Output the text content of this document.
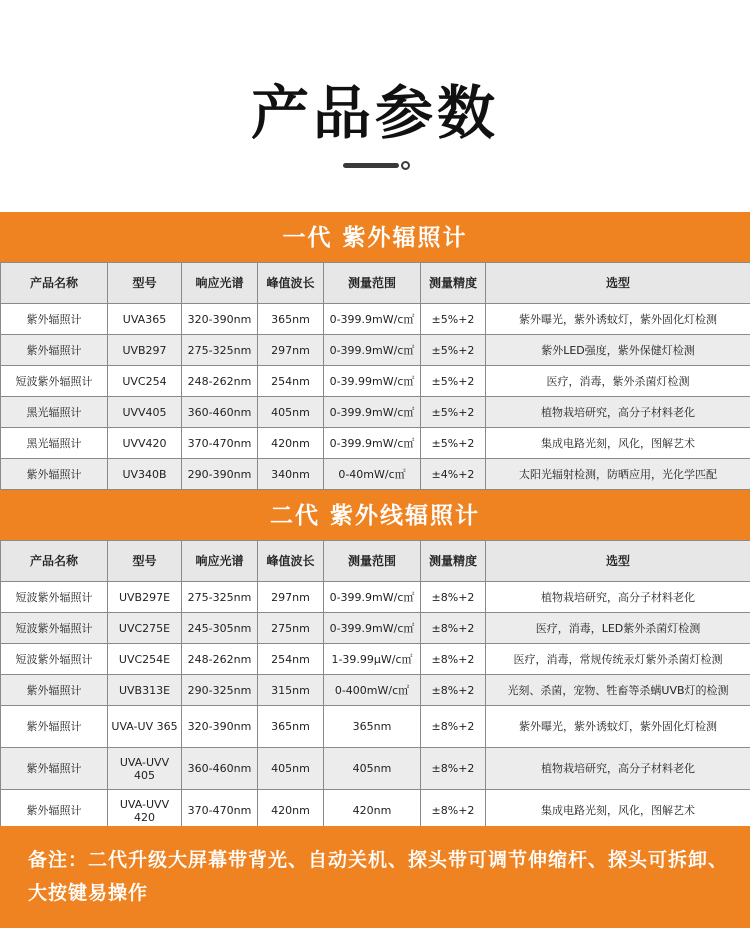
产品参数
一代 紫外辐照计
产品名称	型号	响应光谱	峰值波长	测量范围	测量精度	选型
紫外辐照计	UVA365	320-390nm	365nm	0-399.9mW/c㎡	±5%+2	紫外曝光，紫外诱蚊灯，紫外固化灯检测
紫外辐照计	UVB297	275-325nm	297nm	0-399.9mW/c㎡	±5%+2	紫外LED强度，紫外保健灯检测
短波紫外辐照计	UVC254	248-262nm	254nm	0-39.99mW/c㎡	±5%+2	医疗，消毒，紫外杀菌灯检测
黑光辐照计	UVV405	360-460nm	405nm	0-399.9mW/c㎡	±5%+2	植物栽培研究，高分子材料老化
黑光辐照计	UVV420	370-470nm	420nm	0-399.9mW/c㎡	±5%+2	集成电路光刻，风化，图解艺术
紫外辐照计	UV340B	290-390nm	340nm	0-40mW/c㎡	±4%+2	太阳光辐射检测，防晒应用，光化学匹配
二代 紫外线辐照计
产品名称	型号	响应光谱	峰值波长	测量范围	测量精度	选型
短波紫外辐照计	UVB297E	275-325nm	297nm	0-399.9mW/c㎡	±8%+2	植物栽培研究，高分子材料老化
短波紫外辐照计	UVC275E	245-305nm	275nm	0-399.9mW/c㎡	±8%+2	医疗，消毒，LED紫外杀菌灯检测
短波紫外辐照计	UVC254E	248-262nm	254nm	1-39.99μW/c㎡	±8%+2	医疗，消毒，常规传统汞灯紫外杀菌灯检测
紫外辐照计	UVB313E	290-325nm	315nm	0-400mW/c㎡	±8%+2	光刻、杀菌，宠物、牲畜等杀螨UVB灯的检测
紫外辐照计	UVA-UV 365	320-390nm	365nm	365nm	±8%+2	紫外曝光，紫外诱蚊灯，紫外固化灯检测
紫外辐照计	UVA-UVV 405	360-460nm	405nm	405nm	±8%+2	植物栽培研究，高分子材料老化
紫外辐照计	UVA-UVV 420	370-470nm	420nm	420nm	±8%+2	集成电路光刻，风化，图解艺术
备注：二代升级大屏幕带背光、自动关机、探头带可调节伸缩杆、探头可拆卸、大按键易操作
